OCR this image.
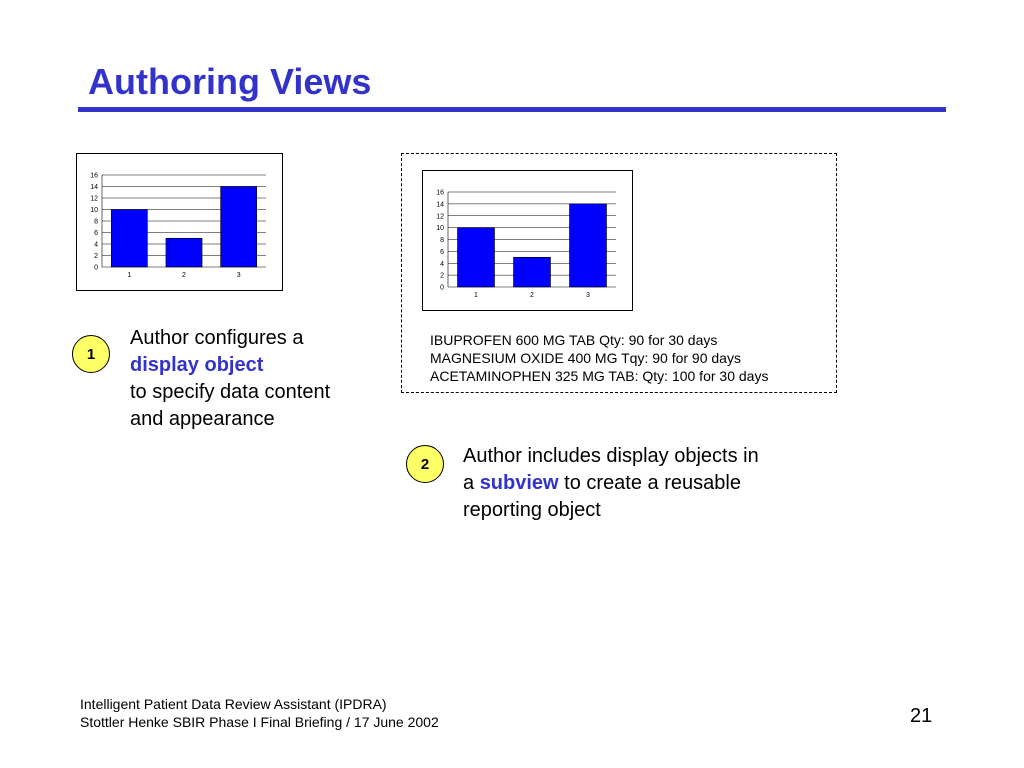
Authoring Views
0
2
4
6
8
10
12
14
16
1	2	3
0
2
4
6
8
10
12
14
16
1	2	3
IBUPROFEN 600 MG TAB Qty: 90 for 30 days
MAGNESIUM OXIDE 400 MG Tqy: 90 for 90 days
ACETAMINOPHEN 325 MG TAB: Qty: 100 for 30 days
1
Author configures a
display object
to specify data content
and appearance
2	Author includes display objects in
a subview to create a reusable
reporting object
Intelligent Patient Data Review Assistant (IPDRA)
Stottler Henke SBIR Phase I Final Briefing / 17 June 2002	21
